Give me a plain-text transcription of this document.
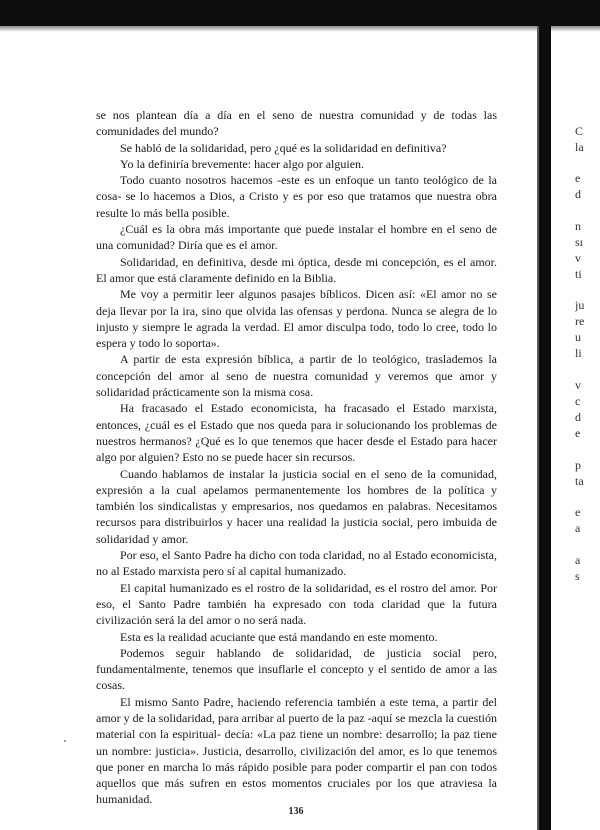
se nos plantean día a día en el seno de nuestra comunidad y de todas las comunidades del mundo?

Se habló de la solidaridad, pero ¿qué es la solidaridad en definitiva?

Yo la definiría brevemente: hacer algo por alguien.

Todo cuanto nosotros hacemos -este es un enfoque un tanto teológico de la cosa- se lo hacemos a Dios, a Cristo y es por eso que tratamos que nuestra obra resulte lo más bella posible.

¿Cuál es la obra más importante que puede instalar el hombre en el seno de una comunidad? Diría que es el amor.

Solidaridad, en definitiva, desde mi óptica, desde mi concepción, es el amor. El amor que está claramente definido en la Biblia.

Me voy a permitir leer algunos pasajes bíblicos. Dicen así: «El amor no se deja llevar por la ira, sino que olvida las ofensas y perdona. Nunca se alegra de lo injusto y siempre le agrada la verdad. El amor disculpa todo, todo lo cree, todo lo espera y todo lo soporta».

A partir de esta expresión bíblica, a partir de lo teológico, traslademos la concepción del amor al seno de nuestra comunidad y veremos que amor y solidaridad prácticamente son la misma cosa.

Ha fracasado el Estado economicista, ha fracasado el Estado marxista, entonces, ¿cuál es el Estado que nos queda para ir solucionando los problemas de nuestros hermanos? ¿Qué es lo que tenemos que hacer desde el Estado para hacer algo por alguien? Esto no se puede hacer sin recursos.

Cuando hablamos de instalar la justicia social en el seno de la comunidad, expresión a la cual apelamos permanentemente los hombres de la política y también los sindicalistas y empresarios, nos quedamos en palabras. Necesitamos recursos para distribuirlos y hacer una realidad la justicia social, pero imbuida de solidaridad y amor.

Por eso, el Santo Padre ha dicho con toda claridad, no al Estado economicista, no al Estado marxista pero sí al capital humanizado.

El capital humanizado es el rostro de la solidaridad, es el rostro del amor. Por eso, el Santo Padre también ha expresado con toda claridad que la futura civilización será la del amor o no será nada.

Esta es la realidad acuciante que está mandando en este momento.

Podemos seguir hablando de solidaridad, de justicia social pero, fundamentalmente, tenemos que insuflarle el concepto y el sentido de amor a las cosas.

El mismo Santo Padre, haciendo referencia también a este tema, a partir del amor y de la solidaridad, para arribar al puerto de la paz -aquí se mezcla la cuestión material con la espiritual- decía: «La paz tiene un nombre: desarrollo; la paz tiene un nombre: justicia». Justicia, desarrollo, civilización del amor, es lo que tenemos que poner en marcha lo más rápido posible para poder compartir el pan con todos aquellos que más sufren en estos momentos cruciales por los que atraviesa la humanidad.

136
C
la
e
d
n
sı
v
ti
ju
re
u
li
v
c
d
e
p
ta
e
a
a
s
